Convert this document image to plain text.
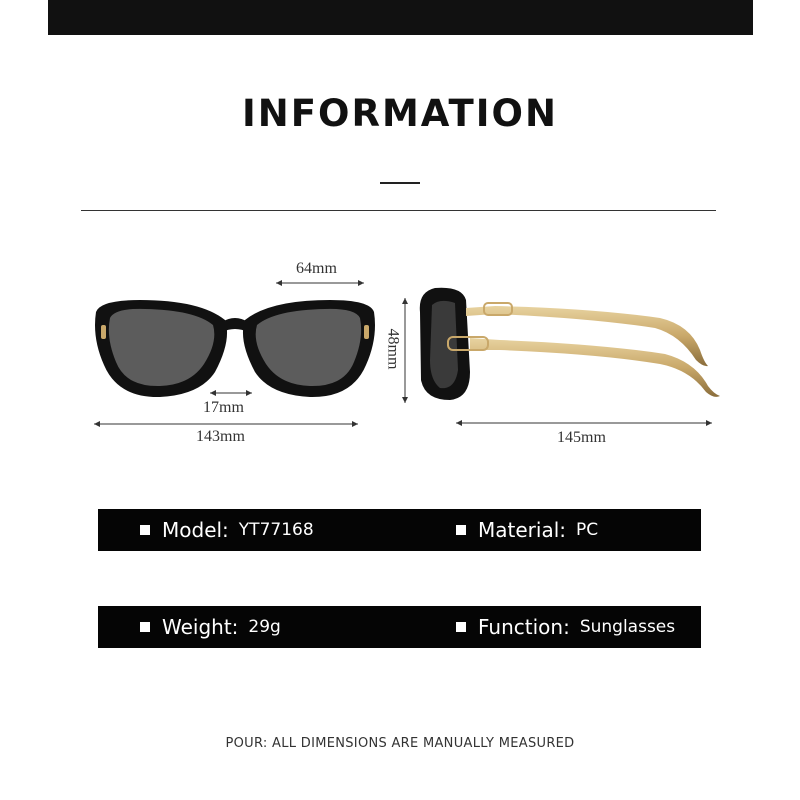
INFORMATION
64mm
17mm
143mm
48mm
145mm
Model: YT77168	Material: PC
Weight: 29g	Function: Sunglasses
POUR: ALL DIMENSIONS ARE MANUALLY MEASURED
